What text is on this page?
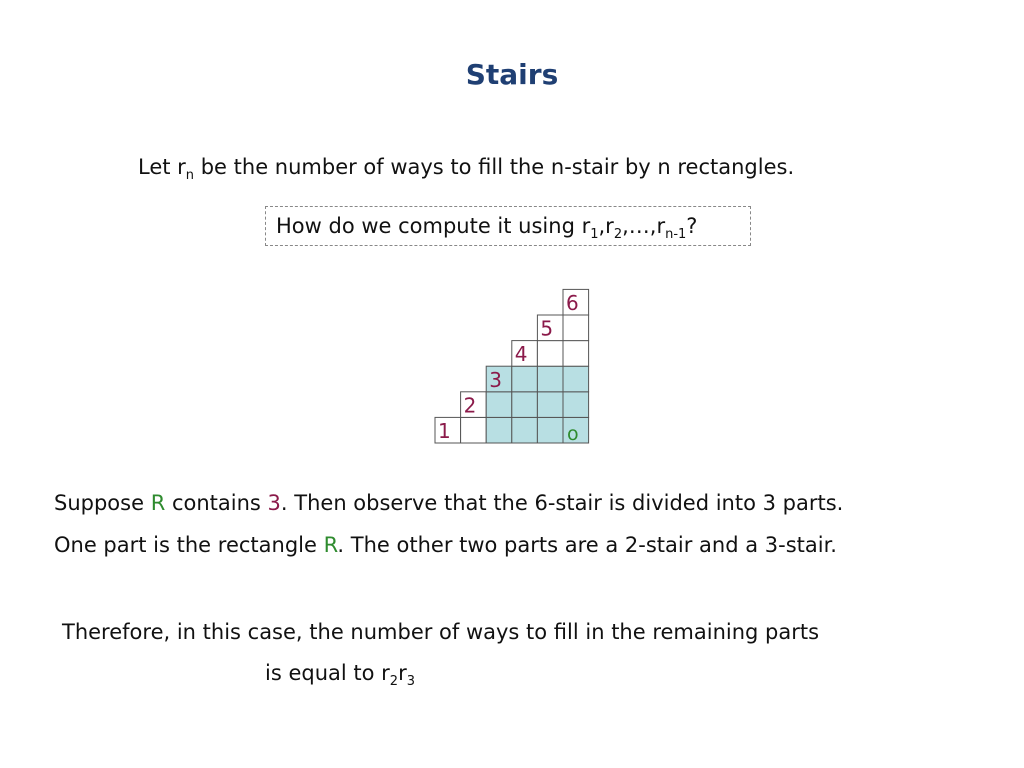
Stairs
Let $r_n$ be the number of ways to fill the n-stair by n rectangles.
How do we compute it using $r_1,r_2,\dots,r_{n-1}$?
1
2
3
4
5
6
o
Suppose R contains 3. Then observe that the 6-stair is divided into 3 parts.
One part is the rectangle R. The other two parts are a 2-stair and a 3-stair.
Therefore, in this case, the number of ways to fill in the remaining parts
is equal to $r_2r_3$
